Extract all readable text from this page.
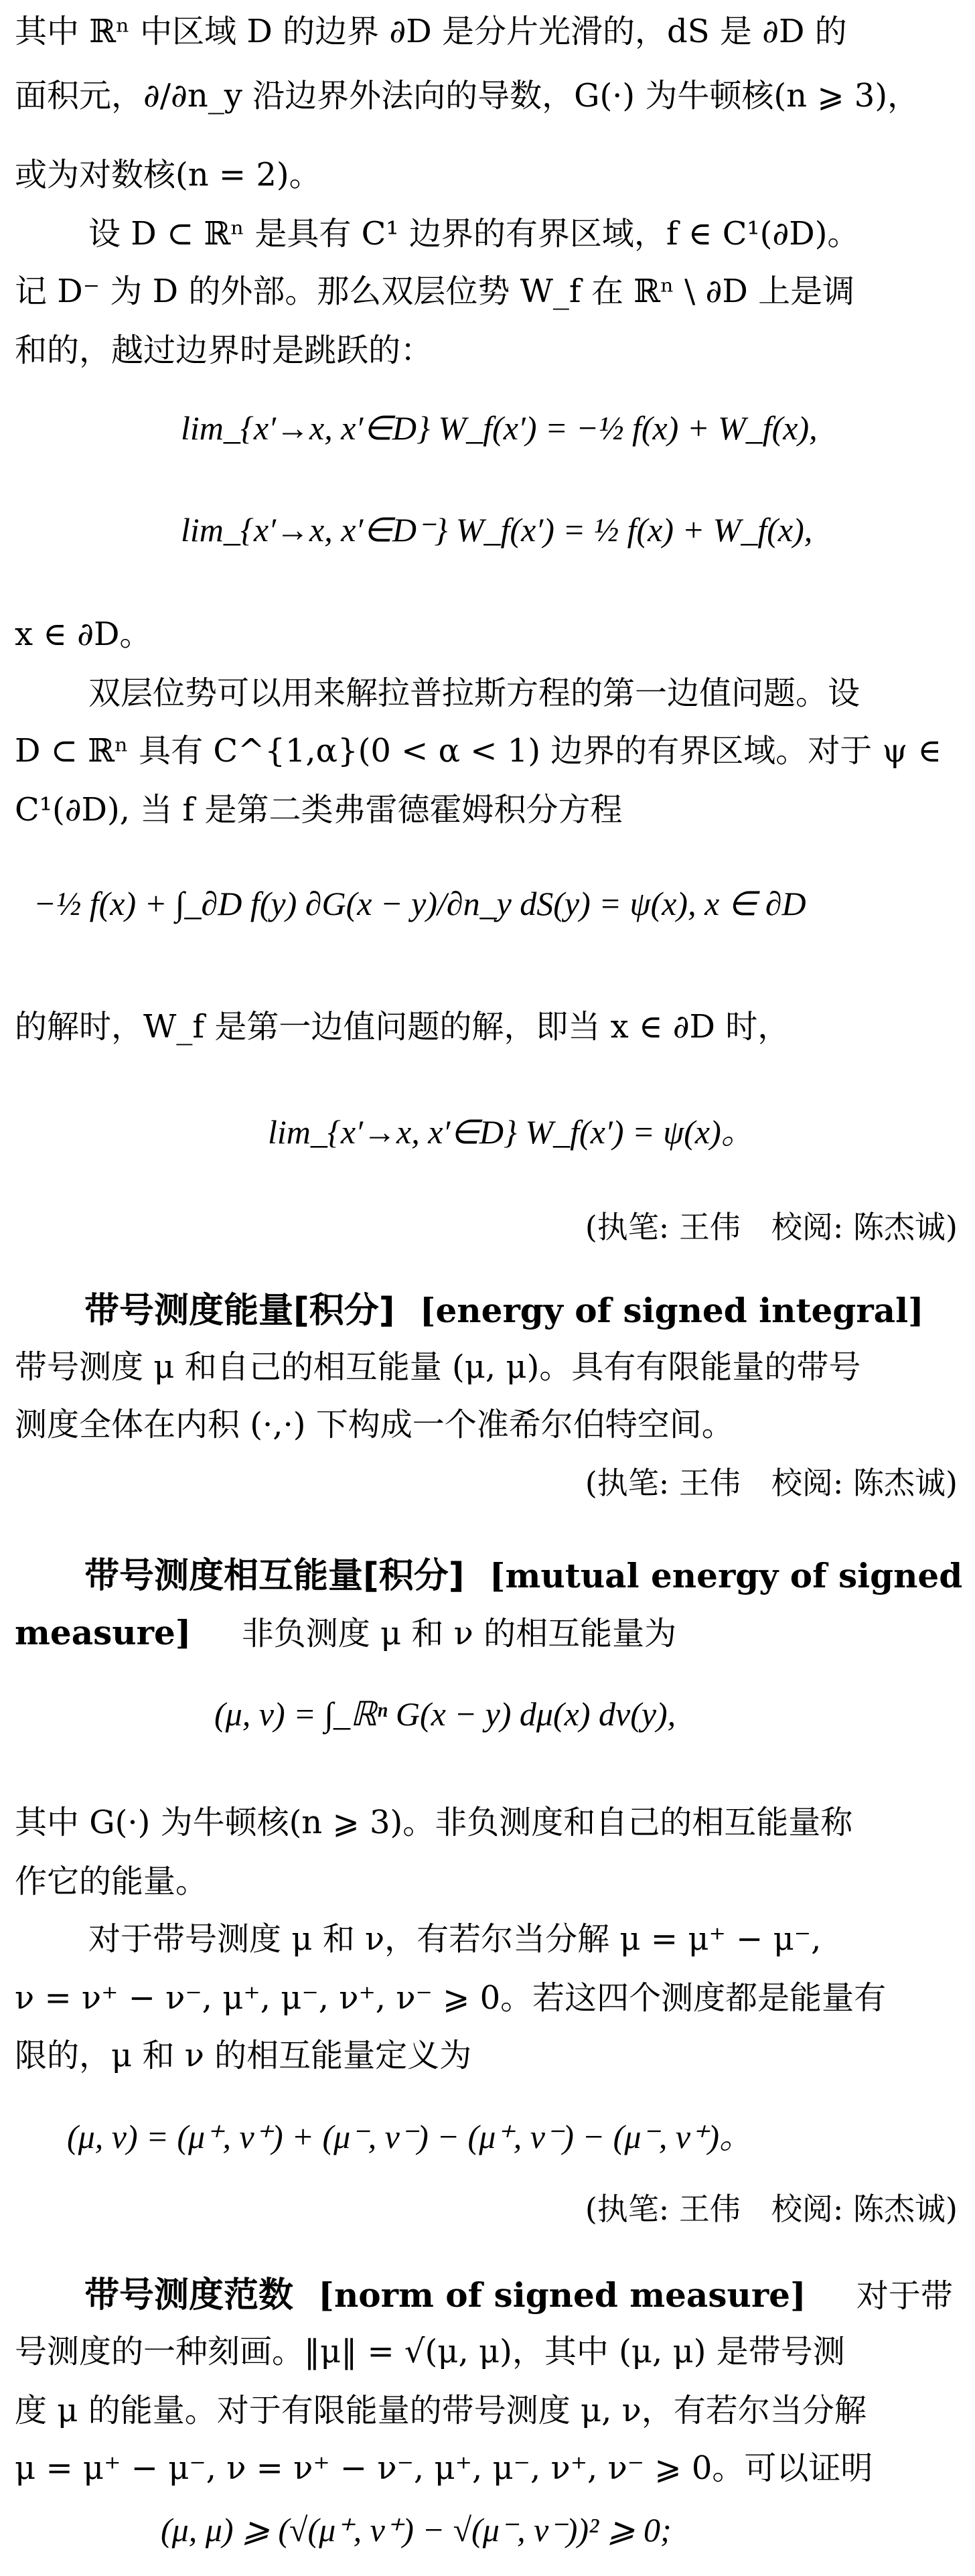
其中 ℝⁿ 中区域 D 的边界 ∂D 是分片光滑的，dS 是 ∂D 的
面积元，∂/∂n_y 沿边界外法向的导数，G(·) 为牛顿核(n ⩾ 3)，
或为对数核(n = 2)。
设 D ⊂ ℝⁿ 是具有 C¹ 边界的有界区域，f ∈ C¹(∂D)。
记 D⁻ 为 D 的外部。那么双层位势 W_f 在 ℝⁿ \ ∂D 上是调
和的，越过边界时是跳跃的：
lim_{x′→x, x′∈D} W_f(x′) = −½ f(x) + W_f(x),
lim_{x′→x, x′∈D⁻} W_f(x′) = ½ f(x) + W_f(x),
x ∈ ∂D。
双层位势可以用来解拉普拉斯方程的第一边值问题。设
D ⊂ ℝⁿ 具有 C^{1,α}(0 < α < 1) 边界的有界区域。对于 ψ ∈
C¹(∂D), 当 f 是第二类弗雷德霍姆积分方程
−½ f(x) + ∫_∂D f(y) ∂G(x − y)/∂n_y dS(y) = ψ(x), x ∈ ∂D
的解时，W_f 是第一边值问题的解，即当 x ∈ ∂D 时，
lim_{x′→x, x′∈D} W_f(x′) = ψ(x)。
(执笔: 王伟　校阅: 陈杰诚)
带号测度能量[积分] [energy of signed integral]
带号测度 μ 和自己的相互能量 (μ, μ)。具有有限能量的带号
测度全体在内积 (·,·) 下构成一个准希尔伯特空间。
(执笔: 王伟　校阅: 陈杰诚)
带号测度相互能量[积分] [mutual energy of signed
measure] 非负测度 μ 和 ν 的相互能量为
(μ, ν) = ∫_ℝⁿ G(x − y) dμ(x) dν(y),
其中 G(·) 为牛顿核(n ⩾ 3)。非负测度和自己的相互能量称
作它的能量。
对于带号测度 μ 和 ν，有若尔当分解 μ = μ⁺ − μ⁻,
ν = ν⁺ − ν⁻, μ⁺, μ⁻, ν⁺, ν⁻ ⩾ 0。若这四个测度都是能量有
限的，μ 和 ν 的相互能量定义为
(μ, ν) = (μ⁺, ν⁺) + (μ⁻, ν⁻) − (μ⁺, ν⁻) − (μ⁻, ν⁺)。
(执笔: 王伟　校阅: 陈杰诚)
带号测度范数 [norm of signed measure] 对于带
号测度的一种刻画。‖μ‖ = √(μ, μ)，其中 (μ, μ) 是带号测
度 μ 的能量。对于有限能量的带号测度 μ, ν，有若尔当分解
μ = μ⁺ − μ⁻, ν = ν⁺ − ν⁻, μ⁺, μ⁻, ν⁺, ν⁻ ⩾ 0。可以证明
(μ, μ) ⩾ (√(μ⁺, ν⁺) − √(μ⁻, ν⁻))² ⩾ 0;
